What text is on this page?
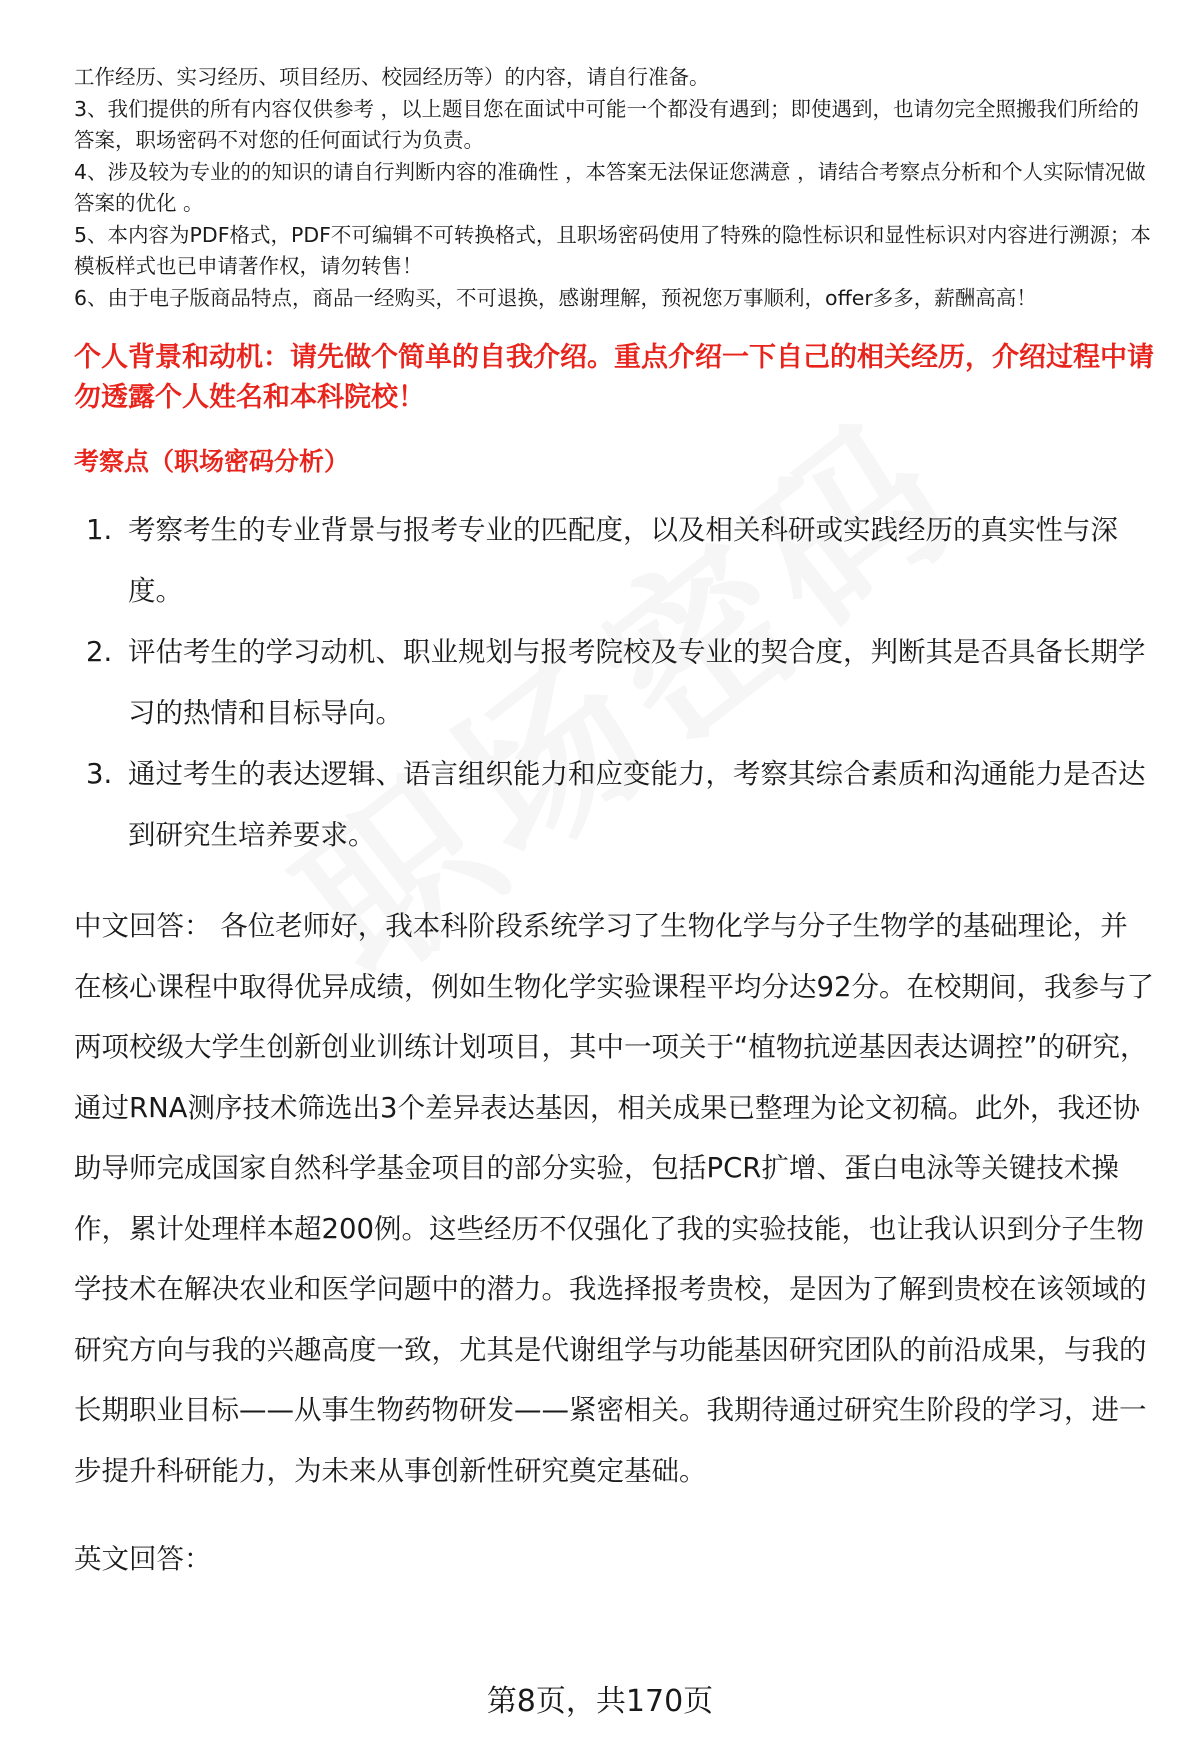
工作经历、实习经历、项目经历、校园经历等）的内容，请自行准备。

3、我们提供的所有内容仅供参考 ，以上题目您在面试中可能一个都没有遇到；即使遇到，也请勿完全照搬我们所给的答案，职场密码不对您的任何面试行为负责。

4、涉及较为专业的的知识的请自行判断内容的准确性 ，本答案无法保证您满意 ，请结合考察点分析和个人实际情况做答案的优化 。

5、本内容为PDF格式，PDF不可编辑不可转换格式，且职场密码使用了特殊的隐性标识和显性标识对内容进行溯源；本模板样式也已申请著作权，请勿转售！

6、由于电子版商品特点，商品一经购买，不可退换，感谢理解，预祝您万事顺利，offer多多，薪酬高高！

个人背景和动机：请先做个简单的自我介绍。重点介绍一下自己的相关经历，介绍过程中请勿透露个人姓名和本科院校！
考察点（职场密码分析）
1. 考察考生的专业背景与报考专业的匹配度，以及相关科研或实践经历的真实性与深度。
2. 评估考生的学习动机、职业规划与报考院校及专业的契合度，判断其是否具备长期学习的热情和目标导向。
3. 通过考生的表达逻辑、语言组织能力和应变能力，考察其综合素质和沟通能力是否达到研究生培养要求。

中文回答： 各位老师好，我本科阶段系统学习了生物化学与分子生物学的基础理论，并在核心课程中取得优异成绩，例如生物化学实验课程平均分达92分。在校期间，我参与了两项校级大学生创新创业训练计划项目，其中一项关于“植物抗逆基因表达调控”的研究，通过RNA测序技术筛选出3个差异表达基因，相关成果已整理为论文初稿。此外，我还协助导师完成国家自然科学基金项目的部分实验，包括PCR扩增、蛋白电泳等关键技术操作，累计处理样本超200例。这些经历不仅强化了我的实验技能，也让我认识到分子生物学技术在解决农业和医学问题中的潜力。我选择报考贵校，是因为了解到贵校在该领域的研究方向与我的兴趣高度一致，尤其是代谢组学与功能基因研究团队的前沿成果，与我的长期职业目标——从事生物药物研发——紧密相关。我期待通过研究生阶段的学习，进一步提升科研能力，为未来从事创新性研究奠定基础。

英文回答：

第8页，共170页
